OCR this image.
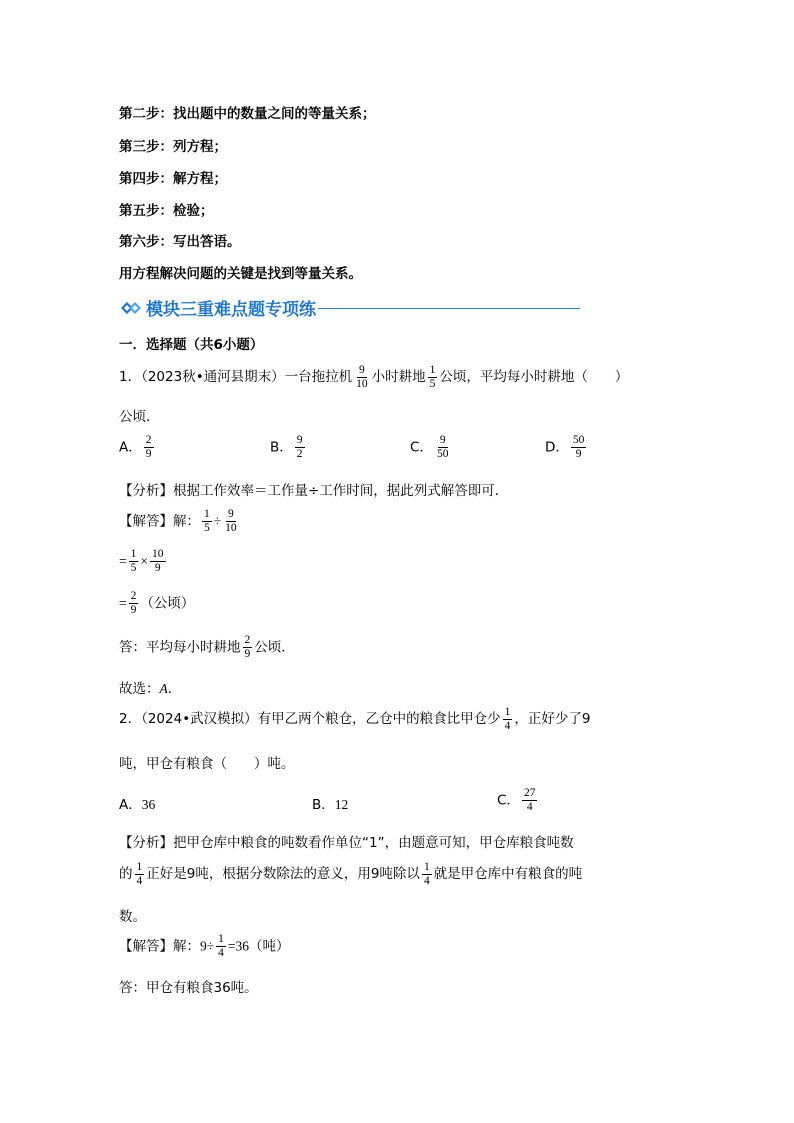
第二步：找出题中的数量之间的等量关系；
第三步：列方程；
第四步：解方程；
第五步：检验；
第六步：写出答语。
用方程解决问题的关键是找到等量关系。
模块三重难点题专项练
一．选择题（共6小题）
1．（2023秋•通河县期末）一台拖拉机 $\frac{9}{10}$ 小时耕地 $\frac{1}{5}$ 公顷，平均每小时耕地（　　）
公顷．
A． $\frac{2}{9}$	B． $\frac{9}{2}$	C． $\frac{9}{50}$	D． $\frac{50}{9}$
【分析】根据工作效率＝工作量÷工作时间，据此列式解答即可．
【解答】解： $\frac{1}{5} \div \frac{9}{10}$
= $\frac{1}{5} \times \frac{10}{9}$
= $\frac{2}{9}$ （公顷）
答：平均每小时耕地 $\frac{2}{9}$ 公顷．
故选：A．
2．（2024•武汉模拟）有甲乙两个粮仓，乙仓中的粮食比甲仓少 $\frac{1}{4}$ ，正好少了9
吨，甲仓有粮食（　　）吨。
A．36	B．12	C． $\frac{27}{4}$
【分析】把甲仓库中粮食的吨数看作单位“1”，由题意可知，甲仓库粮食吨数
的 $\frac{1}{4}$ 正好是9吨，根据分数除法的意义，用9吨除以 $\frac{1}{4}$ 就是甲仓库中有粮食的吨
数。
【解答】解：$9\div \frac{1}{4} =36$（吨）
答：甲仓有粮食36吨。
